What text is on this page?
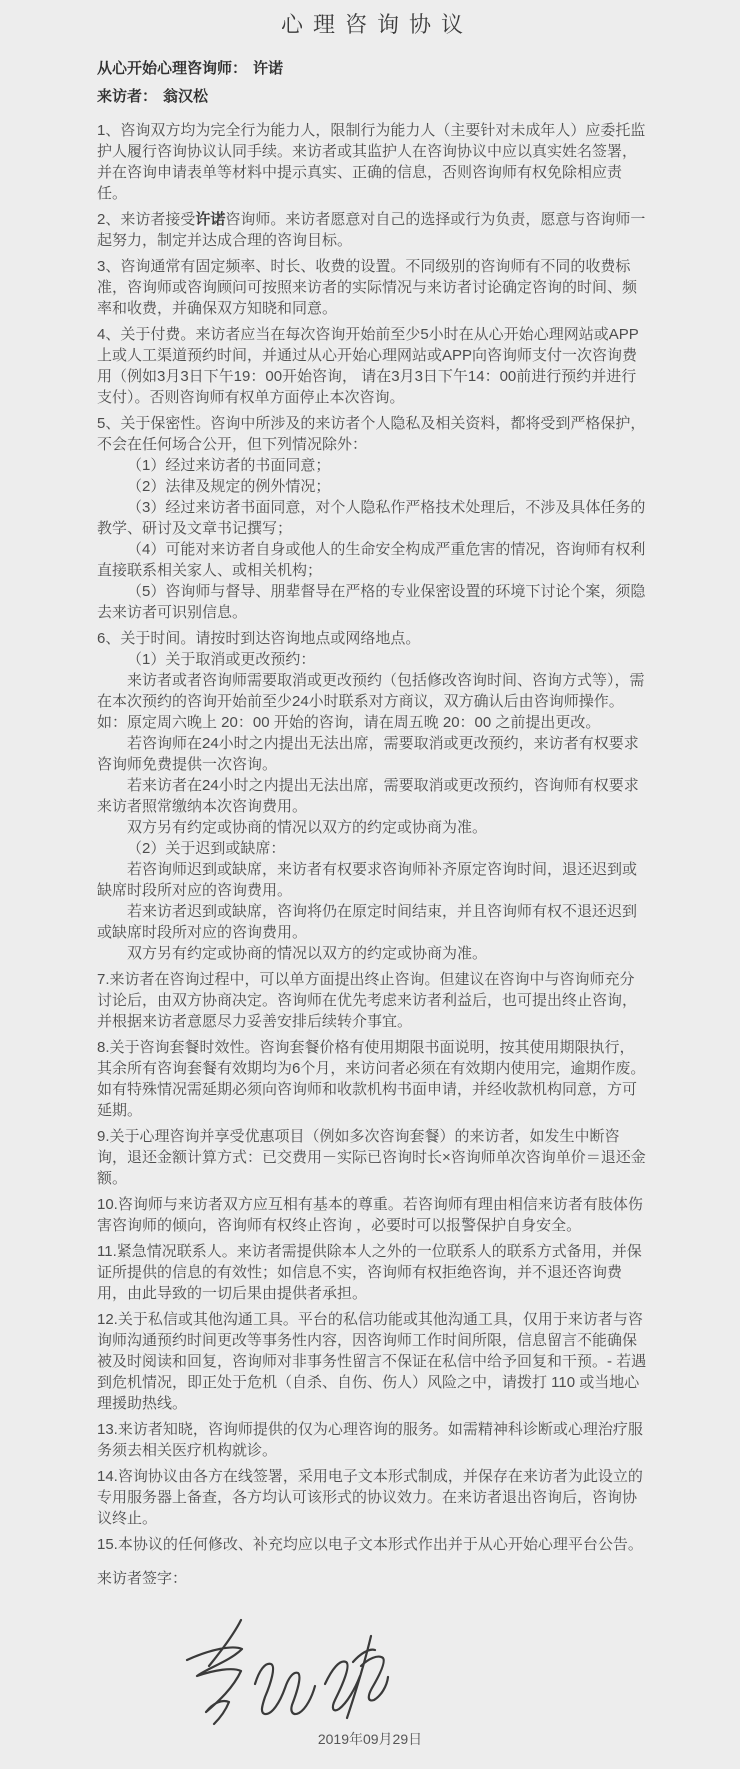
心理咨询协议

从心开始心理咨询师： 许诺

来访者： 翁汉松

1、咨询双方均为完全行为能力人，限制行为能力人（主要针对未成年人）应委托监护人履行咨询协议认同手续。来访者或其监护人在咨询协议中应以真实姓名签署，并在咨询申请表单等材料中提示真实、正确的信息，否则咨询师有权免除相应责任。

2、来访者接受许诺咨询师。来访者愿意对自己的选择或行为负责，愿意与咨询师一起努力，制定并达成合理的咨询目标。

3、咨询通常有固定频率、时长、收费的设置。不同级别的咨询师有不同的收费标准，咨询师或咨询顾问可按照来访者的实际情况与来访者讨论确定咨询的时间、频率和收费，并确保双方知晓和同意。

4、关于付费。来访者应当在每次咨询开始前至少5小时在从心开始心理网站或APP上或人工渠道预约时间，并通过从心开始心理网站或APP向咨询师支付一次咨询费用（例如3月3日下午19：00开始咨询， 请在3月3日下午14：00前进行预约并进行支付）。否则咨询师有权单方面停止本次咨询。

5、关于保密性。咨询中所涉及的来访者个人隐私及相关资料，都将受到严格保护，不会在任何场合公开，但下列情况除外：

（1）经过来访者的书面同意；

（2）法律及规定的例外情况；

（3）经过来访者书面同意，对个人隐私作严格技术处理后，不涉及具体任务的教学、研讨及文章书记撰写；

（4）可能对来访者自身或他人的生命安全构成严重危害的情况，咨询师有权利直接联系相关家人、或相关机构；

（5）咨询师与督导、朋辈督导在严格的专业保密设置的环境下讨论个案，须隐去来访者可识别信息。

6、关于时间。请按时到达咨询地点或网络地点。

（1）关于取消或更改预约：

来访者或者咨询师需要取消或更改预约（包括修改咨询时间、咨询方式等），需在本次预约的咨询开始前至少24小时联系对方商议，双方确认后由咨询师操作。如：原定周六晚上 20：00 开始的咨询，请在周五晚 20：00 之前提出更改。

若咨询师在24小时之内提出无法出席，需要取消或更改预约，来访者有权要求咨询师免费提供一次咨询。

若来访者在24小时之内提出无法出席，需要取消或更改预约，咨询师有权要求来访者照常缴纳本次咨询费用。

双方另有约定或协商的情况以双方的约定或协商为准。

（2）关于迟到或缺席：

若咨询师迟到或缺席，来访者有权要求咨询师补齐原定咨询时间，退还迟到或缺席时段所对应的咨询费用。

若来访者迟到或缺席，咨询将仍在原定时间结束，并且咨询师有权不退还迟到或缺席时段所对应的咨询费用。

双方另有约定或协商的情况以双方的约定或协商为准。

7.来访者在咨询过程中，可以单方面提出终止咨询。但建议在咨询中与咨询师充分讨论后，由双方协商决定。咨询师在优先考虑来访者利益后，也可提出终止咨询，并根据来访者意愿尽力妥善安排后续转介事宜。

8.关于咨询套餐时效性。咨询套餐价格有使用期限书面说明，按其使用期限执行，其余所有咨询套餐有效期均为6个月，来访问者必须在有效期内使用完，逾期作废。如有特殊情况需延期必须向咨询师和收款机构书面申请，并经收款机构同意，方可延期。

9.关于心理咨询并享受优惠项目（例如多次咨询套餐）的来访者，如发生中断咨询，退还金额计算方式：已交费用－实际已咨询时长×咨询师单次咨询单价＝退还金额。

10.咨询师与来访者双方应互相有基本的尊重。若咨询师有理由相信来访者有肢体伤害咨询师的倾向，咨询师有权终止咨询 ，必要时可以报警保护自身安全。

11.紧急情况联系人。来访者需提供除本人之外的一位联系人的联系方式备用，并保证所提供的信息的有效性；如信息不实，咨询师有权拒绝咨询，并不退还咨询费用，由此导致的一切后果由提供者承担。

12.关于私信或其他沟通工具。平台的私信功能或其他沟通工具，仅用于来访者与咨询师沟通预约时间更改等事务性内容，因咨询师工作时间所限，信息留言不能确保被及时阅读和回复，咨询师对非事务性留言不保证在私信中给予回复和干预。- 若遇到危机情况，即正处于危机（自杀、自伤、伤人）风险之中，请拨打 110 或当地心理援助热线。

13.来访者知晓，咨询师提供的仅为心理咨询的服务。如需精神科诊断或心理治疗服务须去相关医疗机构就诊。

14.咨询协议由各方在线签署，采用电子文本形式制成，并保存在来访者为此设立的专用服务器上备查，各方均认可该形式的协议效力。在来访者退出咨询后，咨询协议终止。

15.本协议的任何修改、补充均应以电子文本形式作出并于从心开始心理平台公告。

来访者签字：

2019年09月29日
